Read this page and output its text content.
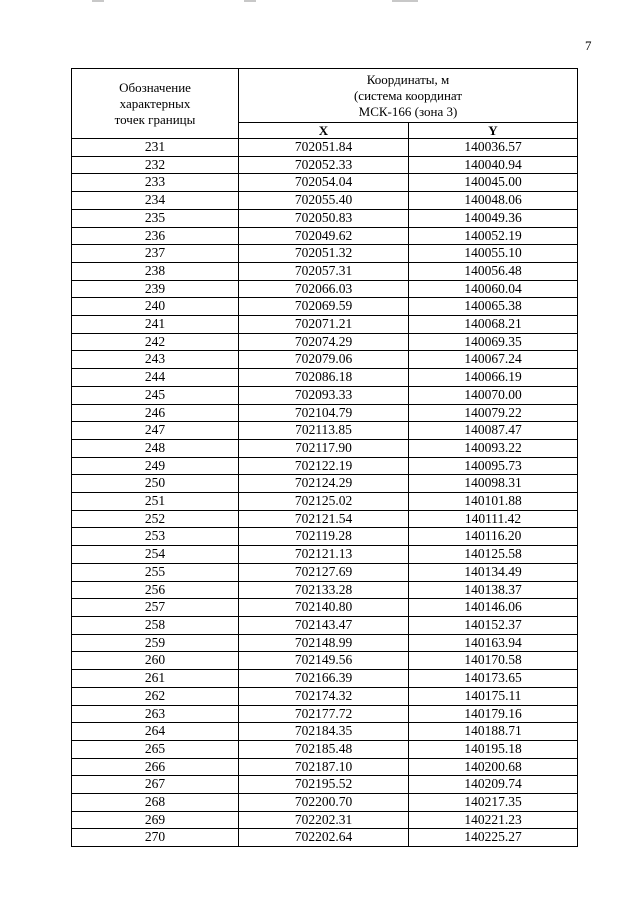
7
Обозначение
характерных
точек границы	Координаты, м
(система координат
МСК-166 (зона 3)	

	X	Y
231	702051.84	140036.57
232	702052.33	140040.94
233	702054.04	140045.00
234	702055.40	140048.06
235	702050.83	140049.36
236	702049.62	140052.19
237	702051.32	140055.10
238	702057.31	140056.48
239	702066.03	140060.04
240	702069.59	140065.38
241	702071.21	140068.21
242	702074.29	140069.35
243	702079.06	140067.24
244	702086.18	140066.19
245	702093.33	140070.00
246	702104.79	140079.22
247	702113.85	140087.47
248	702117.90	140093.22
249	702122.19	140095.73
250	702124.29	140098.31
251	702125.02	140101.88
252	702121.54	140111.42
253	702119.28	140116.20
254	702121.13	140125.58
255	702127.69	140134.49
256	702133.28	140138.37
257	702140.80	140146.06
258	702143.47	140152.37
259	702148.99	140163.94
260	702149.56	140170.58
261	702166.39	140173.65
262	702174.32	140175.11
263	702177.72	140179.16
264	702184.35	140188.71
265	702185.48	140195.18
266	702187.10	140200.68
267	702195.52	140209.74
268	702200.70	140217.35
269	702202.31	140221.23
270	702202.64	140225.27
